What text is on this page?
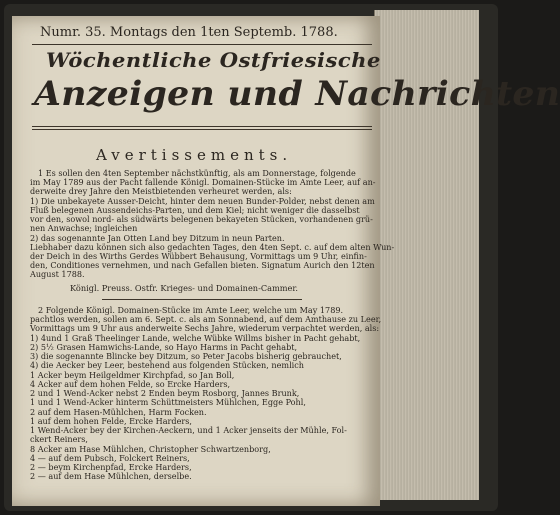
Numr. 35. Montags den 1ten Septemb. 1788.
Wöchentliche Ostfriesische
Anzeigen und Nachrichten
Avertissements.
1 Es sollen den 4ten September nächstkünftig, als am Donnerstage, folgende
im May 1789 aus der Pacht fallende Königl. Domainen-Stücke im Amte Leer, auf an-
derweite drey Jahre den Meistbietenden verheuret werden, als:
1) Die unbekayete Ausser-Deicht, hinter dem neuen Bunder-Polder, nebst denen am
Fluß belegenen Aussendeichs-Parten, und dem Kiel; nicht weniger die dasselbst
vor den, sowol nord- als südwärts belegenen bekayeten Stücken, vorhandenen grü-
nen Anwachse; ingleichen
2) das sogenannte Jan Otten Land bey Ditzum in neun Parten.
Liebhaber dazu können sich also gedachten Tages, den 4ten Sept. c. auf dem alten Wun-
der Deich in des Wirths Gerdes Wübbert Behausung, Vormittags um 9 Uhr, einfin-
den, Conditiones vernehmen, und nach Gefallen bieten. Signatum Aurich den 12ten
August 1788.
Königl. Preuss. Ostfr. Krieges- und Domainen-Cammer.
2 Folgende Königl. Domainen-Stücke im Amte Leer, welche um May 1789.
pachtlos werden, sollen am 6. Sept. c. als am Sonnabend, auf dem Amthause zu Leer,
Vormittags um 9 Uhr aus anderweite Sechs Jahre, wiederum verpachtet werden, als:
1) 4und 1 Graß Theelinger Lande, welche Wübke Willms bisher in Pacht gehabt,
2) 5½ Grasen Hamwichs-Lande, so Hayo Harms in Pacht gehabt,
3) die sogenannte Blincke bey Ditzum, so Peter Jacobs bisherig gebrauchet,
4) die Aecker bey Leer, bestehend aus folgenden Stücken, nemlich
1 Acker beym Heilgeldmer Kirchpfad, so Jan Boll,
4 Acker auf dem hohen Felde, so Ercke Harders,
2 und 1 Wend-Acker nebst 2 Enden beym Rosborg, Jannes Brunk,
1 und 1 Wend-Acker hinterm Schüttmeisters Mühlchen, Egge Pohl,
2 auf dem Hasen-Mühlchen, Harm Focken.
1 auf dem hohen Felde, Ercke Harders,
1 Wend-Acker bey der Kirchen-Aeckern, und 1 Acker jenseits der Mühle, Fol-
ckert Reiners,
8 Acker am Hase Mühlchen, Christopher Schwartzenborg,
4 — auf dem Pubsch, Folckert Reiners,
2 — beym Kirchenpfad, Ercke Harders,
2 — auf dem Hase Mühlchen, derselbe.
